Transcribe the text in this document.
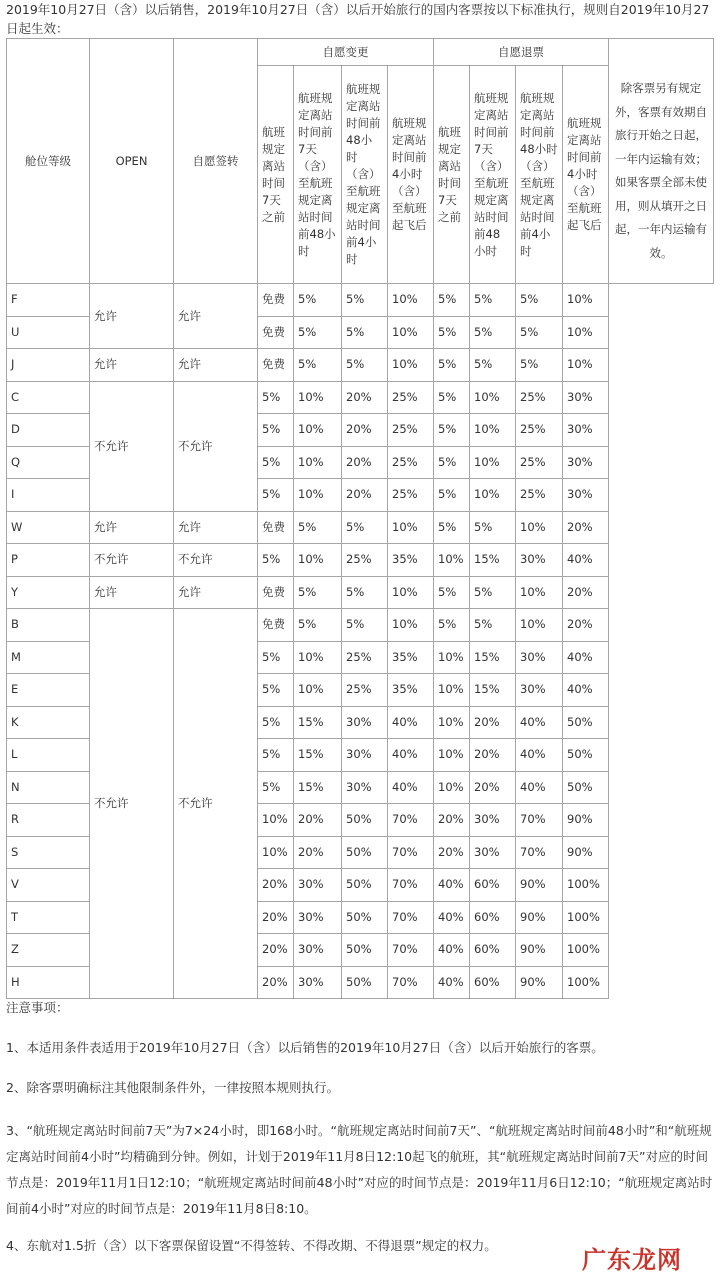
2019年10月27日（含）以后销售，2019年10月27日（含）以后开始旅行的国内客票按以下标准执行，规则自2019年10月27日起生效：
舱位等级	OPEN	自愿签转	自愿变更				自愿退票				除客票另有规定外，客票有效期自旅行开始之日起，一年内运输有效；如果客票全部未使用，则从填开之日起，一年内运输有效。

			航班规定离站时间7天之前	航班规定离站时间前7天（含）至航班规定离站时间前48小时	航班规定离站时间前48小时（含）至航班规定离站时间前4小时	航班规定离站时间前4小时（含）至航班起飞后	航班规定离站时间7天之前	航班规定离站时间前7天（含）至航班规定离站时间前48小时	航班规定离站时间前48小时（含）至航班规定离站时间前4小时	航班规定离站时间前4小时（含）至航班起飞后	
F	允许	允许	免费	5%	5%	10%	5%	5%	5%	10%	
U			免费	5%	5%	10%	5%	5%	5%	10%	
J	允许	允许	免费	5%	5%	10%	5%	5%	5%	10%	
C	不允许	不允许	5%	10%	20%	25%	5%	10%	25%	30%	
D			5%	10%	20%	25%	5%	10%	25%	30%	
Q			5%	10%	20%	25%	5%	10%	25%	30%	
I			5%	10%	20%	25%	5%	10%	25%	30%	
W	允许	允许	免费	5%	5%	10%	5%	5%	10%	20%	
P	不允许	不允许	5%	10%	25%	35%	10%	15%	30%	40%	
Y	允许	允许	免费	5%	5%	10%	5%	5%	10%	20%	
B	不允许	不允许	免费	5%	5%	10%	5%	5%	10%	20%	
M			5%	10%	25%	35%	10%	15%	30%	40%	
E			5%	10%	25%	35%	10%	15%	30%	40%	
K			5%	15%	30%	40%	10%	20%	40%	50%	
L			5%	15%	30%	40%	10%	20%	40%	50%	
N			5%	15%	30%	40%	10%	20%	40%	50%	
R			10%	20%	50%	70%	20%	30%	70%	90%	
S			10%	20%	50%	70%	20%	30%	70%	90%	
V			20%	30%	50%	70%	40%	60%	90%	100%	
T			20%	30%	50%	70%	40%	60%	90%	100%	
Z			20%	30%	50%	70%	40%	60%	90%	100%	
H			20%	30%	50%	70%	40%	60%	90%	100%	

注意事项：

1、本适用条件表适用于2019年10月27日（含）以后销售的2019年10月27日（含）以后开始旅行的客票。

2、除客票明确标注其他限制条件外，一律按照本规则执行。

3、“航班规定离站时间前7天”为7×24小时，即168小时。“航班规定离站时间前7天”、“航班规定离站时间前48小时”和“航班规定离站时间前4小时”均精确到分钟。例如，计划于2019年11月8日12:10起飞的航班，其“航班规定离站时间前7天”对应的时间节点是：2019年11月1日12:10；“航班规定离站时间前48小时”对应的时间节点是：2019年11月6日12:10；“航班规定离站时间前4小时”对应的时间节点是：2019年11月8日8:10。

4、东航对1.5折（含）以下客票保留设置“不得签转、不得改期、不得退票”规定的权力。

广东龙网
